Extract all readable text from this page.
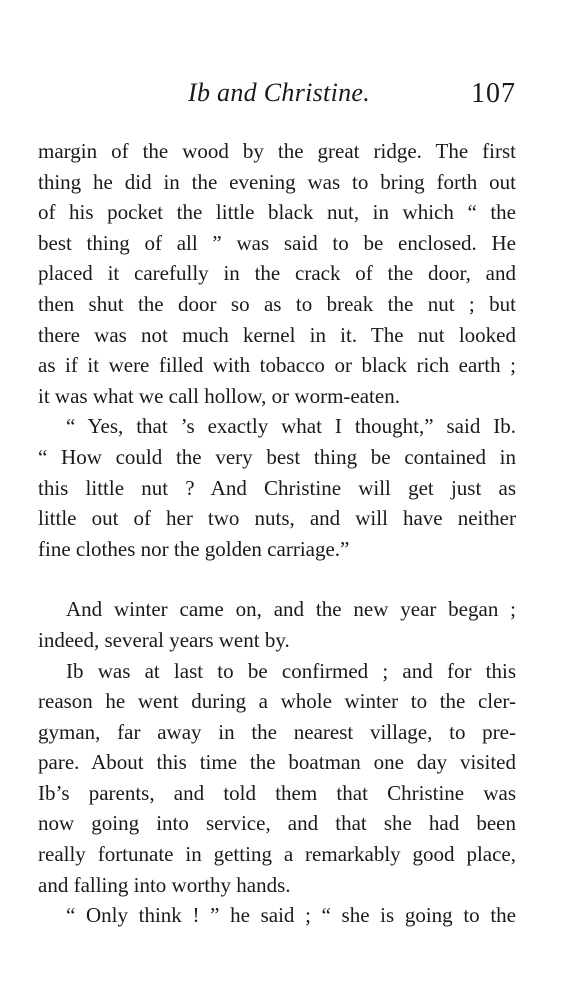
Ib and Christine.	107

margin of the wood by the great ridge. The first
thing he did in the evening was to bring forth out
of his pocket the little black nut, in which “ the
best thing of all ” was said to be enclosed. He
placed it carefully in the crack of the door, and
then shut the door so as to break the nut ; but
there was not much kernel in it. The nut looked
as if it were filled with tobacco or black rich earth ;
it was what we call hollow, or worm-eaten.

“ Yes, that ’s exactly what I thought,” said Ib.
“ How could the very best thing be contained in
this little nut ? And Christine will get just as
little out of her two nuts, and will have neither
fine clothes nor the golden carriage.”

And winter came on, and the new year began ;
indeed, several years went by.

Ib was at last to be confirmed ; and for this
reason he went during a whole winter to the cler-
gyman, far away in the nearest village, to pre-
pare. About this time the boatman one day visited
Ib’s parents, and told them that Christine was
now going into service, and that she had been
really fortunate in getting a remarkably good place,
and falling into worthy hands.

“ Only think ! ” he said ; “ she is going to the
